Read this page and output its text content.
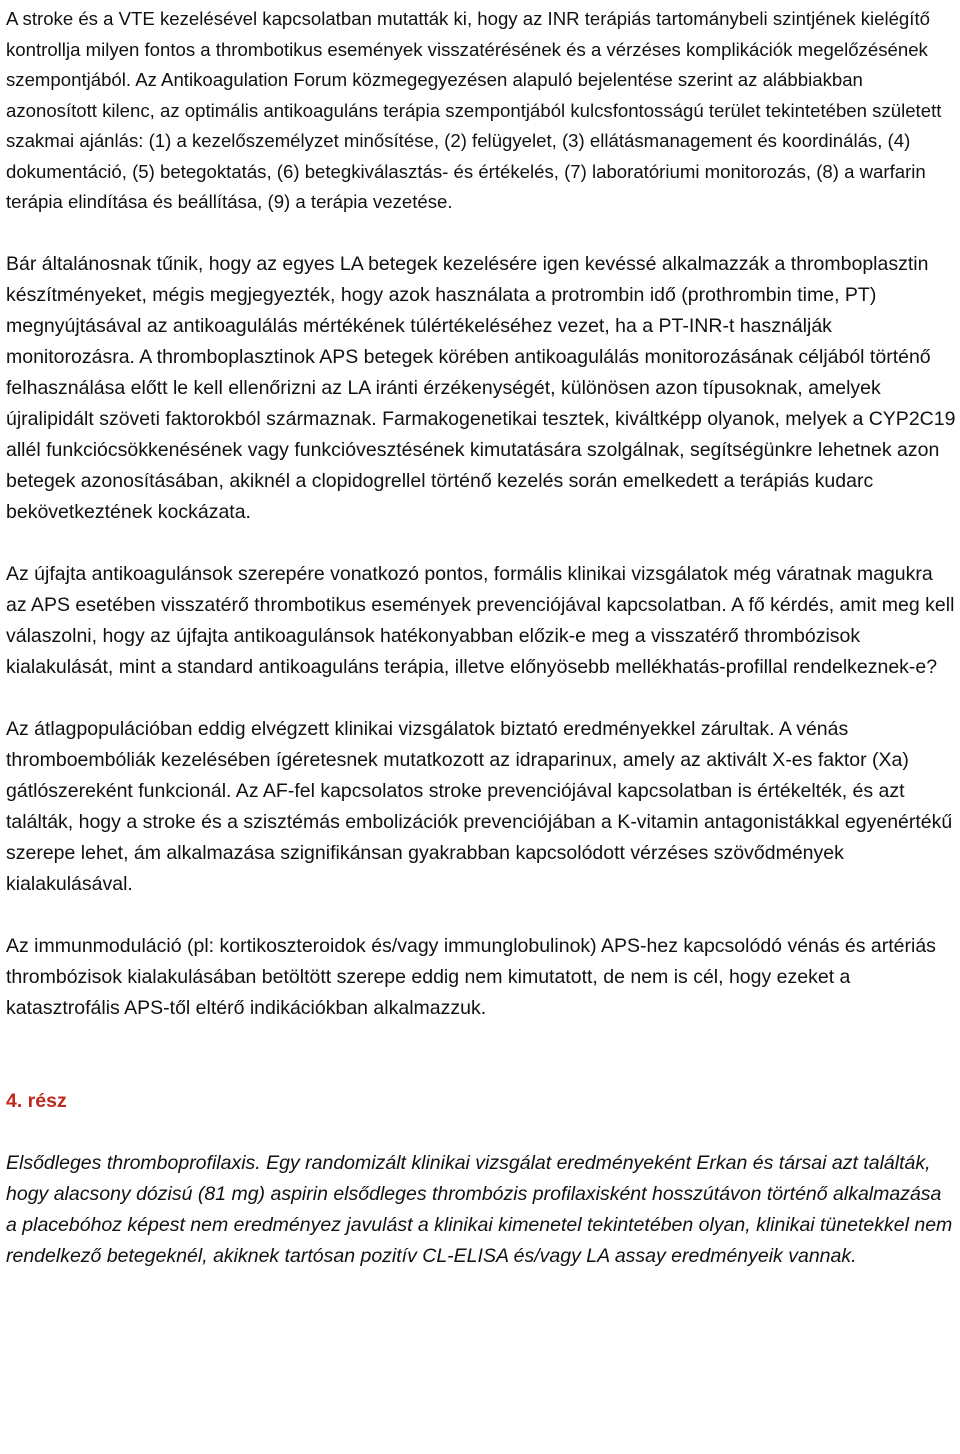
A stroke és a VTE kezelésével kapcsolatban mutatták ki, hogy az INR terápiás tartománybeli szintjének kielégítő kontrollja milyen fontos a thrombotikus események visszatérésének és a vérzéses komplikációk megelőzésének szempontjából. Az Antikoagulation Forum közmegegyezésen alapuló bejelentése szerint az alábbiakban azonosított kilenc, az optimális antikoaguláns terápia szempontjából kulcsfontosságú terület tekintetében született szakmai ajánlás: (1) a kezelőszemélyzet minősítése, (2) felügyelet, (3) ellátásmanagement és koordinálás, (4) dokumentáció, (5) betegoktatás, (6) betegkiválasztás- és értékelés, (7) laboratóriumi monitorozás, (8) a warfarin terápia elindítása és beállítása, (9) a terápia vezetése.

Bár általánosnak tűnik, hogy az egyes LA betegek kezelésére igen kevéssé alkalmazzák a thromboplasztin készítményeket, mégis megjegyezték, hogy azok használata a protrombin idő (prothrombin time, PT) megnyújtásával az antikoagulálás mértékének túlértékeléséhez vezet, ha a PT-INR-t használják monitorozásra. A thromboplasztinok APS betegek körében antikoagulálás monitorozásának céljából történő felhasználása előtt le kell ellenőrizni az LA iránti érzékenységét, különösen azon típusoknak, amelyek újralipidált szöveti faktorokból származnak. Farmakogenetikai tesztek, kiváltképp olyanok, melyek a CYP2C19 allél funkciócsökkenésének vagy funkcióvesztésének kimutatására szolgálnak, segítségünkre lehetnek azon betegek azonosításában, akiknél a clopidogrellel történő kezelés során emelkedett a terápiás kudarc bekövetkeztének kockázata.

Az újfajta antikoagulánsok szerepére vonatkozó pontos, formális klinikai vizsgálatok még váratnak magukra az APS esetében visszatérő thrombotikus események prevenciójával kapcsolatban. A fő kérdés, amit meg kell válaszolni, hogy az újfajta antikoagulánsok hatékonyabban előzik-e meg a visszatérő thrombózisok kialakulását, mint a standard antikoaguláns terápia, illetve előnyösebb mellékhatás-profillal rendelkeznek-e?

Az átlagpopulációban eddig elvégzett klinikai vizsgálatok biztató eredményekkel zárultak. A vénás thromboembóliák kezelésében ígéretesnek mutatkozott az idraparinux, amely az aktivált X-es faktor (Xa) gátlószereként funkcionál. Az AF-fel kapcsolatos stroke prevenciójával kapcsolatban is értékelték, és azt találták, hogy a stroke és a szisztémás embolizációk prevenciójában a K-vitamin antagonistákkal egyenértékű szerepe lehet, ám alkalmazása szignifikánsan gyakrabban kapcsolódott vérzéses szövődmények kialakulásával.

Az immunmoduláció (pl: kortikoszteroidok és/vagy immunglobulinok) APS-hez kapcsolódó vénás és artériás thrombózisok kialakulásában betöltött szerepe eddig nem kimutatott, de nem is cél, hogy ezeket a katasztrofális APS-től eltérő indikációkban alkalmazzuk.

4. rész

Elsődleges thromboprofilaxis. Egy randomizált klinikai vizsgálat eredményeként Erkan és társai azt találták, hogy alacsony dózisú (81 mg) aspirin elsődleges thrombózis profilaxisként hosszútávon történő alkalmazása a placebóhoz képest nem eredményez javulást a klinikai kimenetel tekintetében olyan, klinikai tünetekkel nem rendelkező betegeknél, akiknek tartósan pozitív CL-ELISA és/vagy LA assay eredményeik vannak.
